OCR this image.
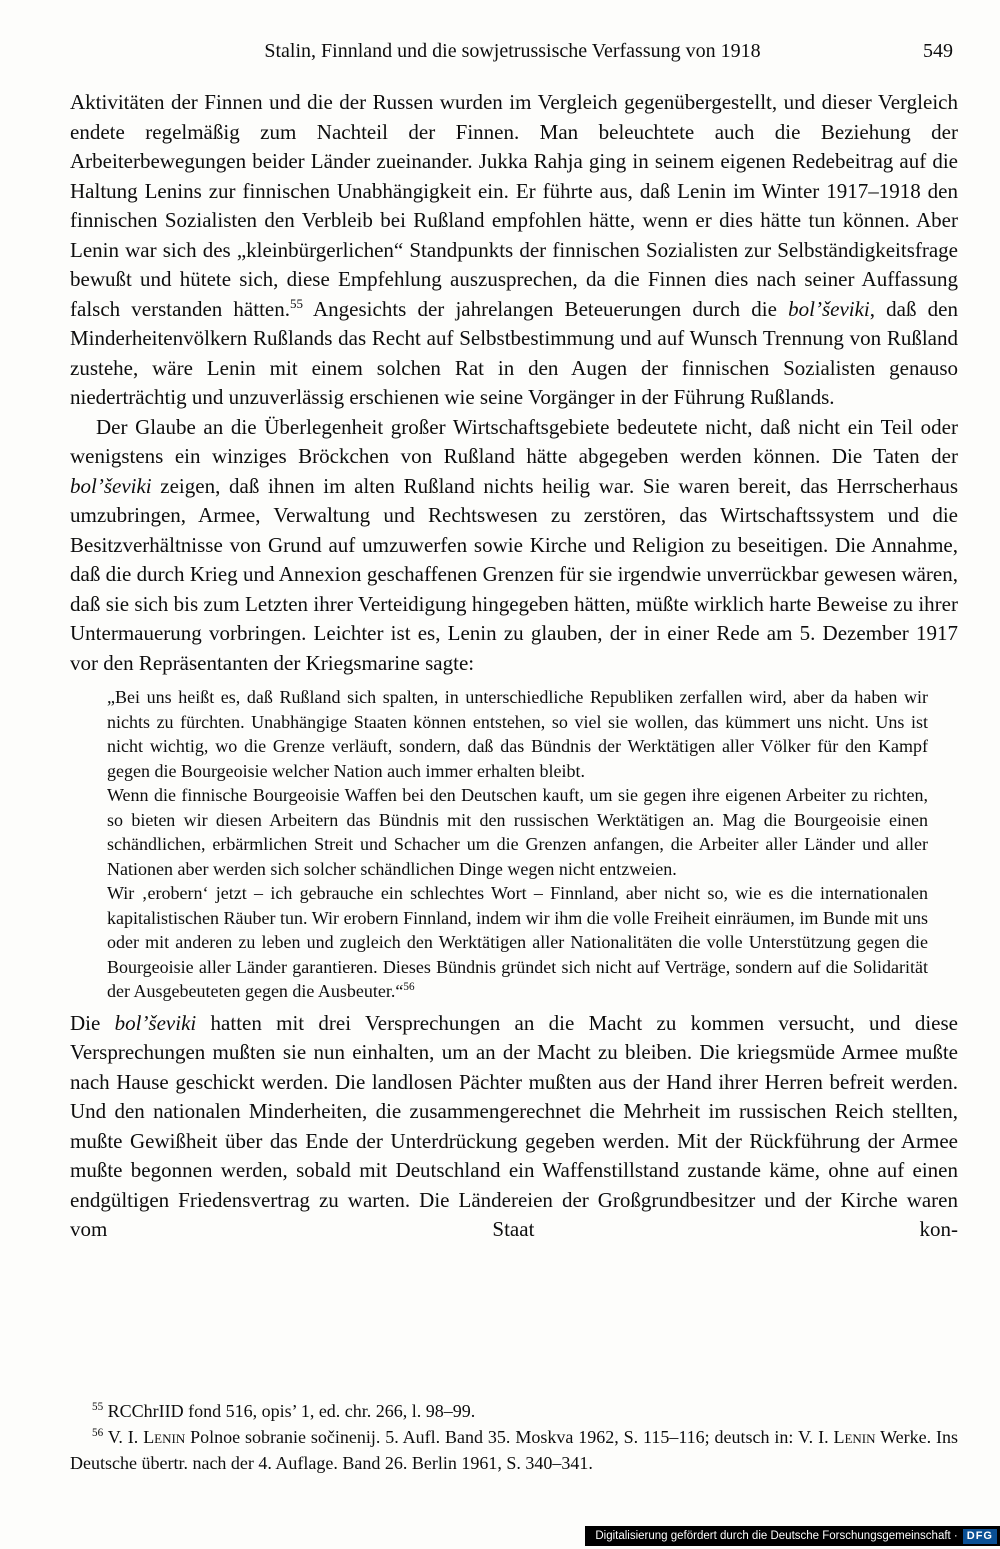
Stalin, Finnland und die sowjetrussische Verfassung von 1918	549

Aktivitäten der Finnen und die der Russen wurden im Vergleich gegenübergestellt, und dieser Vergleich endete regelmäßig zum Nachteil der Finnen. Man beleuchtete auch die Beziehung der Arbeiterbewegungen beider Länder zueinander. Jukka Rahja ging in seinem eigenen Redebeitrag auf die Haltung Lenins zur finnischen Unabhängigkeit ein. Er führte aus, daß Lenin im Winter 1917–1918 den finnischen Sozialisten den Verbleib bei Rußland empfohlen hätte, wenn er dies hätte tun können. Aber Lenin war sich des „kleinbürgerlichen“ Standpunkts der finnischen Sozialisten zur Selbständigkeitsfrage bewußt und hütete sich, diese Empfehlung auszusprechen, da die Finnen dies nach seiner Auffassung falsch verstanden hätten.$^{55}$ Angesichts der jahrelangen Beteuerungen durch die bol’ševiki, daß den Minderheitenvölkern Rußlands das Recht auf Selbstbestimmung und auf Wunsch Trennung von Rußland zustehe, wäre Lenin mit einem solchen Rat in den Augen der finnischen Sozialisten genauso niederträchtig und unzuverlässig erschienen wie seine Vorgänger in der Führung Rußlands.

Der Glaube an die Überlegenheit großer Wirtschaftsgebiete bedeutete nicht, daß nicht ein Teil oder wenigstens ein winziges Bröckchen von Rußland hätte abgegeben werden können. Die Taten der bol’ševiki zeigen, daß ihnen im alten Rußland nichts heilig war. Sie waren bereit, das Herrscherhaus umzubringen, Armee, Verwaltung und Rechtswesen zu zerstören, das Wirtschaftssystem und die Besitzverhältnisse von Grund auf umzuwerfen sowie Kirche und Religion zu beseitigen. Die Annahme, daß die durch Krieg und Annexion geschaffenen Grenzen für sie irgendwie unverrückbar gewesen wären, daß sie sich bis zum Letzten ihrer Verteidigung hingegeben hätten, müßte wirklich harte Beweise zu ihrer Untermauerung vorbringen. Leichter ist es, Lenin zu glauben, der in einer Rede am 5. Dezember 1917 vor den Repräsentanten der Kriegsmarine sagte:

„Bei uns heißt es, daß Rußland sich spalten, in unterschiedliche Republiken zerfallen wird, aber da haben wir nichts zu fürchten. Unabhängige Staaten können entstehen, so viel sie wollen, das kümmert uns nicht. Uns ist nicht wichtig, wo die Grenze verläuft, sondern, daß das Bündnis der Werktätigen aller Völker für den Kampf gegen die Bourgeoisie welcher Nation auch immer erhalten bleibt.

Wenn die finnische Bourgeoisie Waffen bei den Deutschen kauft, um sie gegen ihre eigenen Arbeiter zu richten, so bieten wir diesen Arbeitern das Bündnis mit den russischen Werktätigen an. Mag die Bourgeoisie einen schändlichen, erbärmlichen Streit und Schacher um die Grenzen anfangen, die Arbeiter aller Länder und aller Nationen aber werden sich solcher schändlichen Dinge wegen nicht entzweien.

Wir ‚erobern‘ jetzt – ich gebrauche ein schlechtes Wort – Finnland, aber nicht so, wie es die internationalen kapitalistischen Räuber tun. Wir erobern Finnland, indem wir ihm die volle Freiheit einräumen, im Bunde mit uns oder mit anderen zu leben und zugleich den Werktätigen aller Nationalitäten die volle Unterstützung gegen die Bourgeoisie aller Länder garantieren. Dieses Bündnis gründet sich nicht auf Verträge, sondern auf die Solidarität der Ausgebeuteten gegen die Ausbeuter.“$^{56}$

Die bol’ševiki hatten mit drei Versprechungen an die Macht zu kommen versucht, und diese Versprechungen mußten sie nun einhalten, um an der Macht zu bleiben. Die kriegsmüde Armee mußte nach Hause geschickt werden. Die landlosen Pächter mußten aus der Hand ihrer Herren befreit werden. Und den nationalen Minderheiten, die zusammengerechnet die Mehrheit im russischen Reich stellten, mußte Gewißheit über das Ende der Unterdrückung gegeben werden. Mit der Rückführung der Armee mußte begonnen werden, sobald mit Deutschland ein Waffenstillstand zustande käme, ohne auf einen endgültigen Friedensvertrag zu warten. Die Ländereien der Großgrundbesitzer und der Kirche waren vom Staat kon-

$^{55}$ RCChrIID fond 516, opis’ 1, ed. chr. 266, l. 98–99.

$^{56}$ V. I. Lenin Polnoe sobranie sočinenij. 5. Aufl. Band 35. Moskva 1962, S. 115–116; deutsch in: V. I. Lenin Werke. Ins Deutsche übertr. nach der 4. Auflage. Band 26. Berlin 1961, S. 340–341.

Digitalisierung gefördert durch die Deutsche Forschungsgemeinschaft · DFG
